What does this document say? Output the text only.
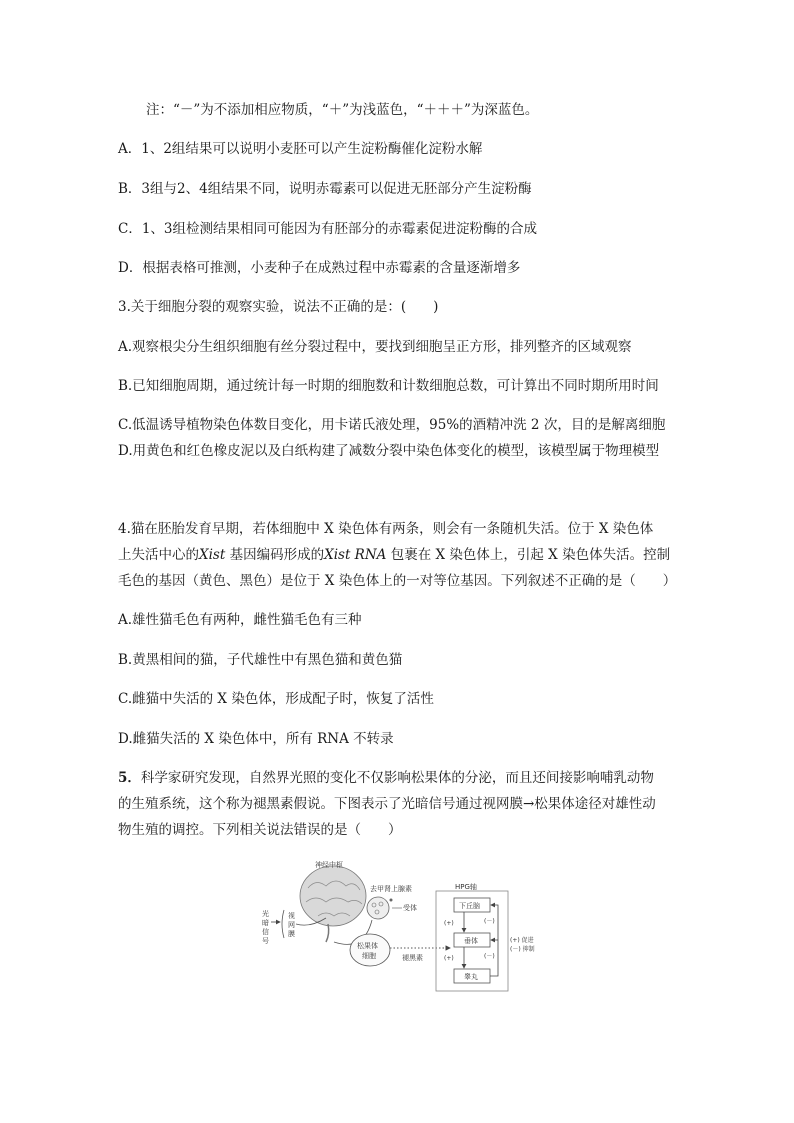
注：“－”为不添加相应物质，“＋”为浅蓝色，“＋＋＋”为深蓝色。
A．1、2组结果可以说明小麦胚可以产生淀粉酶催化淀粉水解
B．3组与2、4组结果不同，说明赤霉素可以促进无胚部分产生淀粉酶
C．1、3组检测结果相同可能因为有胚部分的赤霉素促进淀粉酶的合成
D．根据表格可推测，小麦种子在成熟过程中赤霉素的含量逐渐增多
3.关于细胞分裂的观察实验，说法不正确的是：(　　)
A.观察根尖分生组织细胞有丝分裂过程中，要找到细胞呈正方形，排列整齐的区域观察
B.已知细胞周期，通过统计每一时期的细胞数和计数细胞总数，可计算出不同时期所用时间
C.低温诱导植物染色体数目变化，用卡诺氏液处理，95%的酒精冲洗 2 次，目的是解离细胞
D.用黄色和红色橡皮泥以及白纸构建了减数分裂中染色体变化的模型，该模型属于物理模型
4.猫在胚胎发育早期，若体细胞中 X 染色体有两条，则会有一条随机失活。位于 X 染色体
上失活中心的Xist 基因编码形成的Xist RNA 包裹在 X 染色体上，引起 X 染色体失活。控制
毛色的基因（黄色、黑色）是位于 X 染色体上的一对等位基因。下列叙述不正确的是（　　）
A.雄性猫毛色有两种，雌性猫毛色有三种
B.黄黑相间的猫，子代雄性中有黑色猫和黄色猫
C.雌猫中失活的 X 染色体，形成配子时，恢复了活性
D.雌猫失活的 X 染色体中，所有 RNA 不转录
5．科学家研究发现，自然界光照的变化不仅影响松果体的分泌，而且还间接影响哺乳动物
的生殖系统，这个称为褪黑素假说。下图表示了光暗信号通过视网膜→松果体途径对雄性动
物生殖的调控。下列相关说法错误的是（　　）
神经中枢
光
暗
信
号
视
网
膜
去甲肾上腺素
受体
松果体
细胞	褪黑素
HPG轴
下丘脑
垂体
睾丸
(+)
(+)
(－)
(－)
(+) 促进
(－) 抑制
